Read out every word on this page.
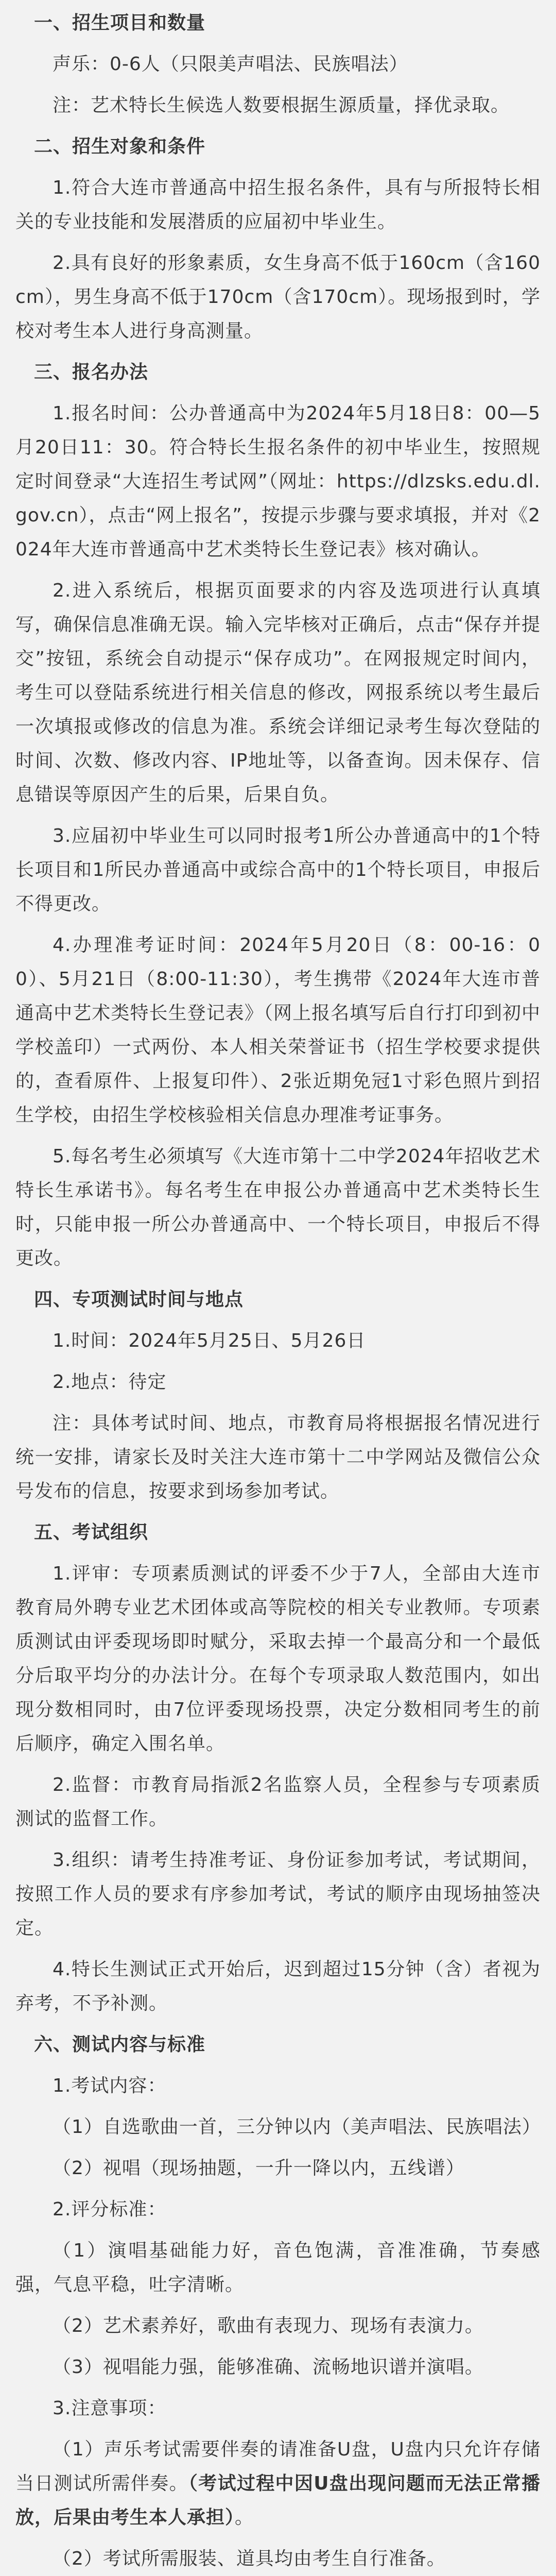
一、招生项目和数量

声乐：0-6人（只限美声唱法、民族唱法）

注：艺术特长生候选人数要根据生源质量，择优录取。

二、招生对象和条件

1.符合大连市普通高中招生报名条件，具有与所报特长相关的专业技能和发展潜质的应届初中毕业生。

2.具有良好的形象素质，女生身高不低于160cm（含160cm），男生身高不低于170cm（含170cm）。现场报到时，学校对考生本人进行身高测量。

三、报名办法

1.报名时间：公办普通高中为2024年5月18日8：00—5月20日11：30。符合特长生报名条件的初中毕业生，按照规定时间登录“大连招生考试网”（网址：https://dlzsks.edu.dl.gov.cn），点击“网上报名”，按提示步骤与要求填报，并对《2024年大连市普通高中艺术类特长生登记表》核对确认。

2.进入系统后，根据页面要求的内容及选项进行认真填写，确保信息准确无误。输入完毕核对正确后，点击“保存并提交”按钮，系统会自动提示“保存成功”。在网报规定时间内，考生可以登陆系统进行相关信息的修改，网报系统以考生最后一次填报或修改的信息为准。系统会详细记录考生每次登陆的时间、次数、修改内容、IP地址等，以备查询。因未保存、信息错误等原因产生的后果，后果自负。

3.应届初中毕业生可以同时报考1所公办普通高中的1个特长项目和1所民办普通高中或综合高中的1个特长项目，申报后不得更改。

4.办理准考证时间：2024年5月20日（8：00-16：00）、5月21日（8:00-11:30），考生携带《2024年大连市普通高中艺术类特长生登记表》（网上报名填写后自行打印到初中学校盖印）一式两份、本人相关荣誉证书（招生学校要求提供的，查看原件、上报复印件）、2张近期免冠1寸彩色照片到招生学校，由招生学校核验相关信息办理准考证事务。

5.每名考生必须填写《大连市第十二中学2024年招收艺术特长生承诺书》。每名考生在申报公办普通高中艺术类特长生时，只能申报一所公办普通高中、一个特长项目，申报后不得更改。

四、专项测试时间与地点

1.时间：2024年5月25日、5月26日

2.地点：待定

注：具体考试时间、地点，市教育局将根据报名情况进行统一安排，请家长及时关注大连市第十二中学网站及微信公众号发布的信息，按要求到场参加考试。

五、考试组织

1.评审：专项素质测试的评委不少于7人，全部由大连市教育局外聘专业艺术团体或高等院校的相关专业教师。专项素质测试由评委现场即时赋分，采取去掉一个最高分和一个最低分后取平均分的办法计分。在每个专项录取人数范围内，如出现分数相同时，由7位评委现场投票，决定分数相同考生的前后顺序，确定入围名单。

2.监督：市教育局指派2名监察人员，全程参与专项素质测试的监督工作。

3.组织：请考生持准考证、身份证参加考试，考试期间，按照工作人员的要求有序参加考试，考试的顺序由现场抽签决定。

4.特长生测试正式开始后，迟到超过15分钟（含）者视为弃考，不予补测。

六、测试内容与标准

1.考试内容：

（1）自选歌曲一首，三分钟以内（美声唱法、民族唱法）

（2）视唱（现场抽题，一升一降以内，五线谱）

2.评分标准：

（1）演唱基础能力好，音色饱满，音准准确，节奏感强，气息平稳，吐字清晰。

（2）艺术素养好，歌曲有表现力、现场有表演力。

（3）视唱能力强，能够准确、流畅地识谱并演唱。

3.注意事项：

（1）声乐考试需要伴奏的请准备U盘，U盘内只允许存储当日测试所需伴奏。（考试过程中因U盘出现问题而无法正常播放，后果由考生本人承担）。

（2）考试所需服装、道具均由考生自行准备。
